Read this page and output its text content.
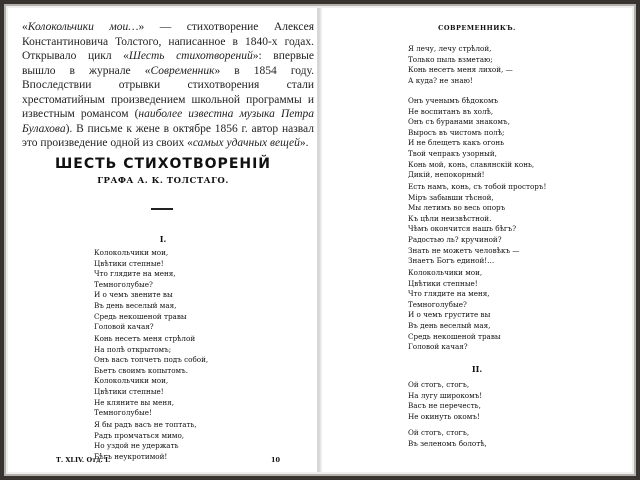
«Колокольчики мои…» — стихотворение Алексея Константиновича Толстого, написанное в 1840-х годах. Открывало цикл «Шесть стихотворений»: впервые вышло в журнале «Современник» в 1854 году. Впоследствии отрывки стихотворения стали хрестоматийным произведением школьной программы и известным романсом (наиболее известна музыка Петра Булахова). В письме к жене в октябре 1856 г. автор назвал это произведение одной из своих «самых удачных вещей».
ШЕСТЬ СТИХОТВОРЕНІЙ
ГРАФА А. К. ТОЛСТАГО.
I.
Колокольчики мои,
Цвѣтики степные!
Что глядите на меня,
Темноголубые?
И о чемъ звените вы
Въ день веселый мая,
Средь некошеной травы
Головой качая?
Конь несетъ меня стрѣлой
На полѣ открытомъ;
Онъ васъ топчетъ подъ собой,
Бьетъ своимъ копытомъ.
Колокольчики мои,
Цвѣтики степные!
Не кляните вы меня,
Темноголубые!
Я бы радъ васъ не топтать,
Радъ промчаться мимо,
Но уздой не удержать
Бѣгъ неукротимой!
Т. XLIV. Отд. I.	10
СОВРЕМЕННИКЪ.
Я лечу, лечу стрѣлой,
Только пыль взметаю;
Конь несетъ меня лихой, —
А куда? не знаю!
Онъ ученымъ бѣдокомъ
Не воспитанъ въ холѣ,
Онъ съ буранами знакомъ,
Выросъ въ чистомъ полѣ;
И не блещетъ какъ огонь
Твой чепракъ узорный,
Конь мой, конь, славянскій конь,
Дикій, непокорный!
Есть намъ, конь, съ тобой просторъ!
Міръ забывши тѣсной,
Мы летимъ во весь опоръ
Къ цѣли неизвѣстной.
Чѣмъ окончится нашъ бѣгъ?
Радостью ль? кручиной?
Знать не можетъ человѣкъ —
Знаетъ Богъ единой!…
Колокольчики мои,
Цвѣтики степные!
Что глядите на меня,
Темноголубые?
И о чемъ грустите вы
Въ день веселый мая,
Средь некошеной травы
Головой качая?
II.
Ой стогъ, стогъ,
На лугу широкомъ!
Васъ не перечесть,
Не окинуть окомъ!
Ой стогъ, стогъ,
Въ зеленомъ болотѣ,
